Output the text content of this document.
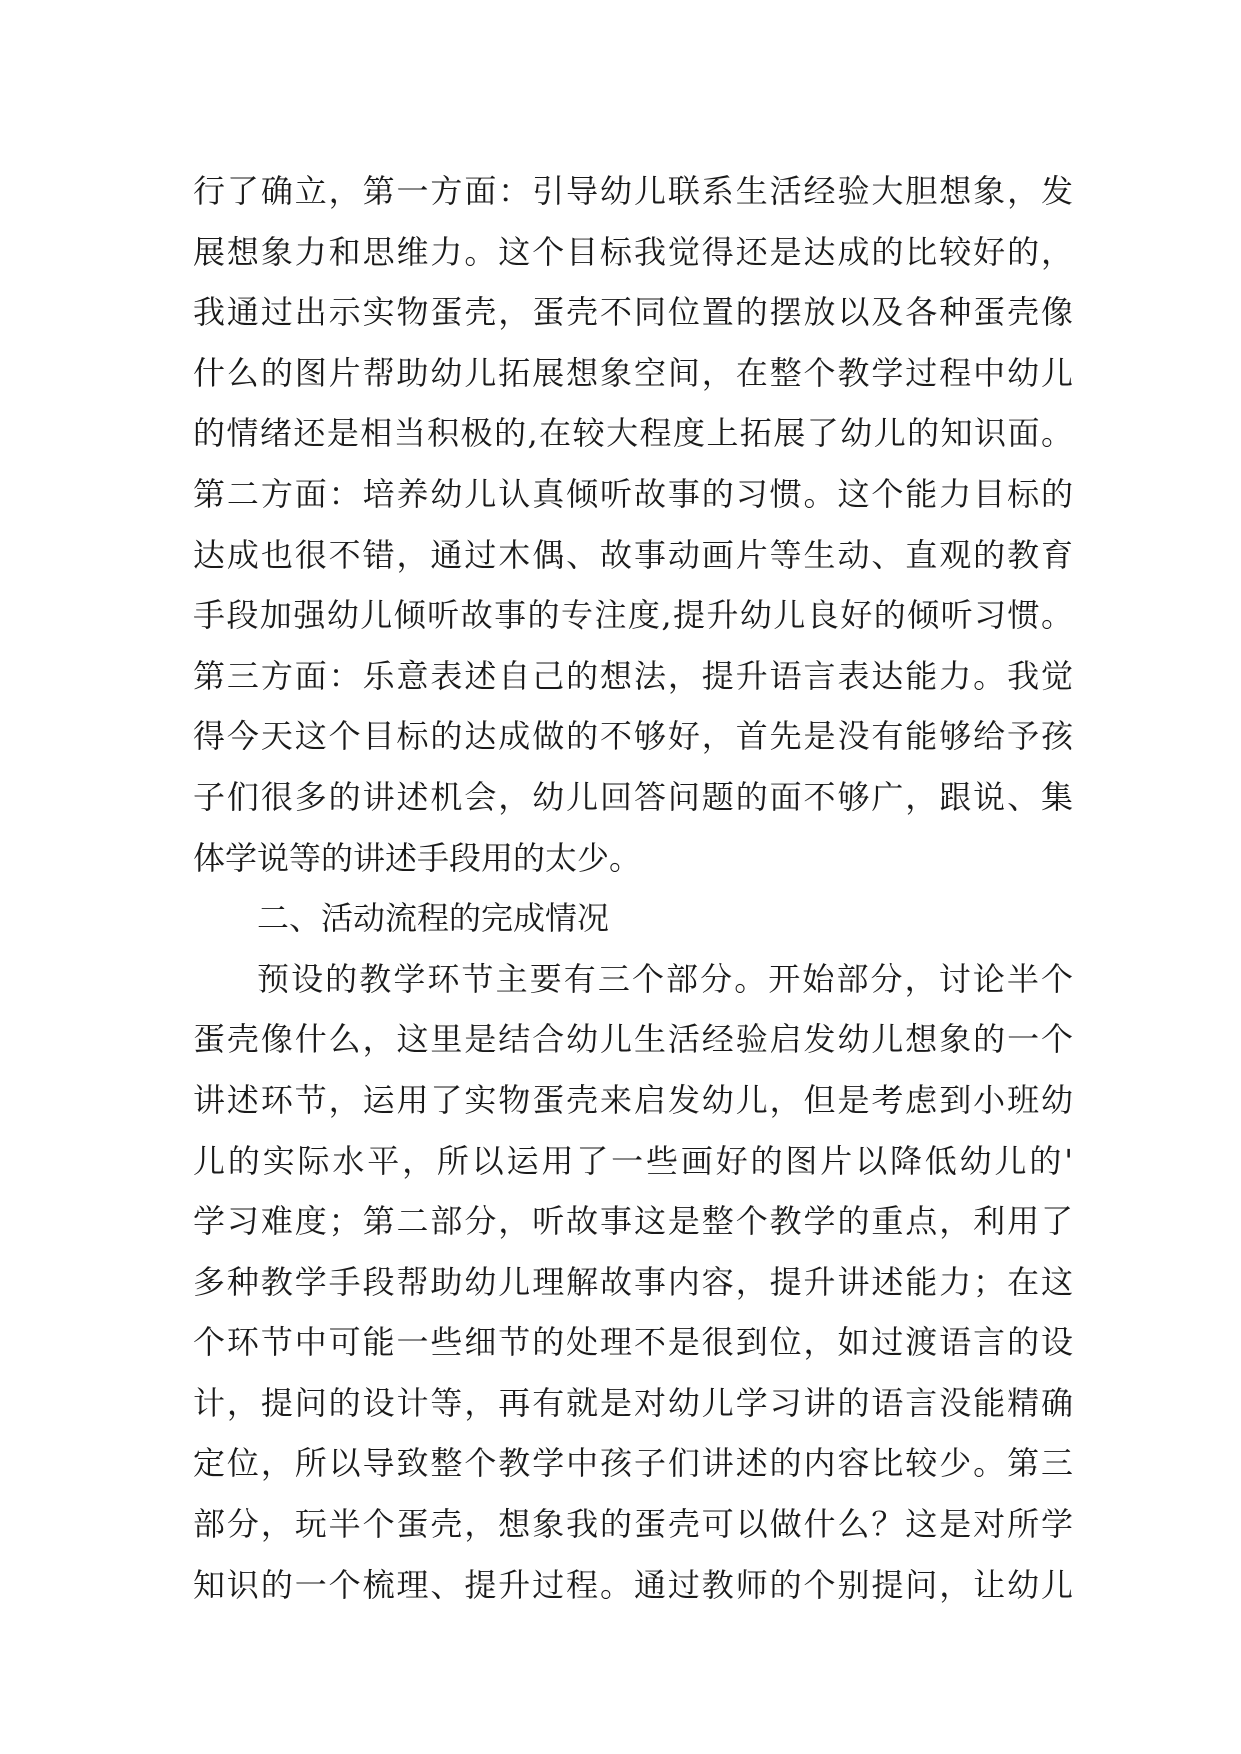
行了确立，第一方面：引导幼儿联系生活经验大胆想象，发
展想象力和思维力。这个目标我觉得还是达成的比较好的，
我通过出示实物蛋壳，蛋壳不同位置的摆放以及各种蛋壳像
什么的图片帮助幼儿拓展想象空间，在整个教学过程中幼儿
的情绪还是相当积极的,在较大程度上拓展了幼儿的知识面。
第二方面：培养幼儿认真倾听故事的习惯。这个能力目标的
达成也很不错，通过木偶、故事动画片等生动、直观的教育
手段加强幼儿倾听故事的专注度,提升幼儿良好的倾听习惯。
第三方面：乐意表述自己的想法，提升语言表达能力。我觉
得今天这个目标的达成做的不够好，首先是没有能够给予孩
子们很多的讲述机会，幼儿回答问题的面不够广，跟说、集
体学说等的讲述手段用的太少。
二、活动流程的完成情况
预设的教学环节主要有三个部分。开始部分，讨论半个
蛋壳像什么，这里是结合幼儿生活经验启发幼儿想象的一个
讲述环节，运用了实物蛋壳来启发幼儿，但是考虑到小班幼
儿的实际水平，所以运用了一些画好的图片以降低幼儿的'
学习难度；第二部分，听故事这是整个教学的重点，利用了
多种教学手段帮助幼儿理解故事内容，提升讲述能力；在这
个环节中可能一些细节的处理不是很到位，如过渡语言的设
计，提问的设计等，再有就是对幼儿学习讲的语言没能精确
定位，所以导致整个教学中孩子们讲述的内容比较少。第三
部分，玩半个蛋壳，想象我的蛋壳可以做什么？这是对所学
知识的一个梳理、提升过程。通过教师的个别提问，让幼儿
